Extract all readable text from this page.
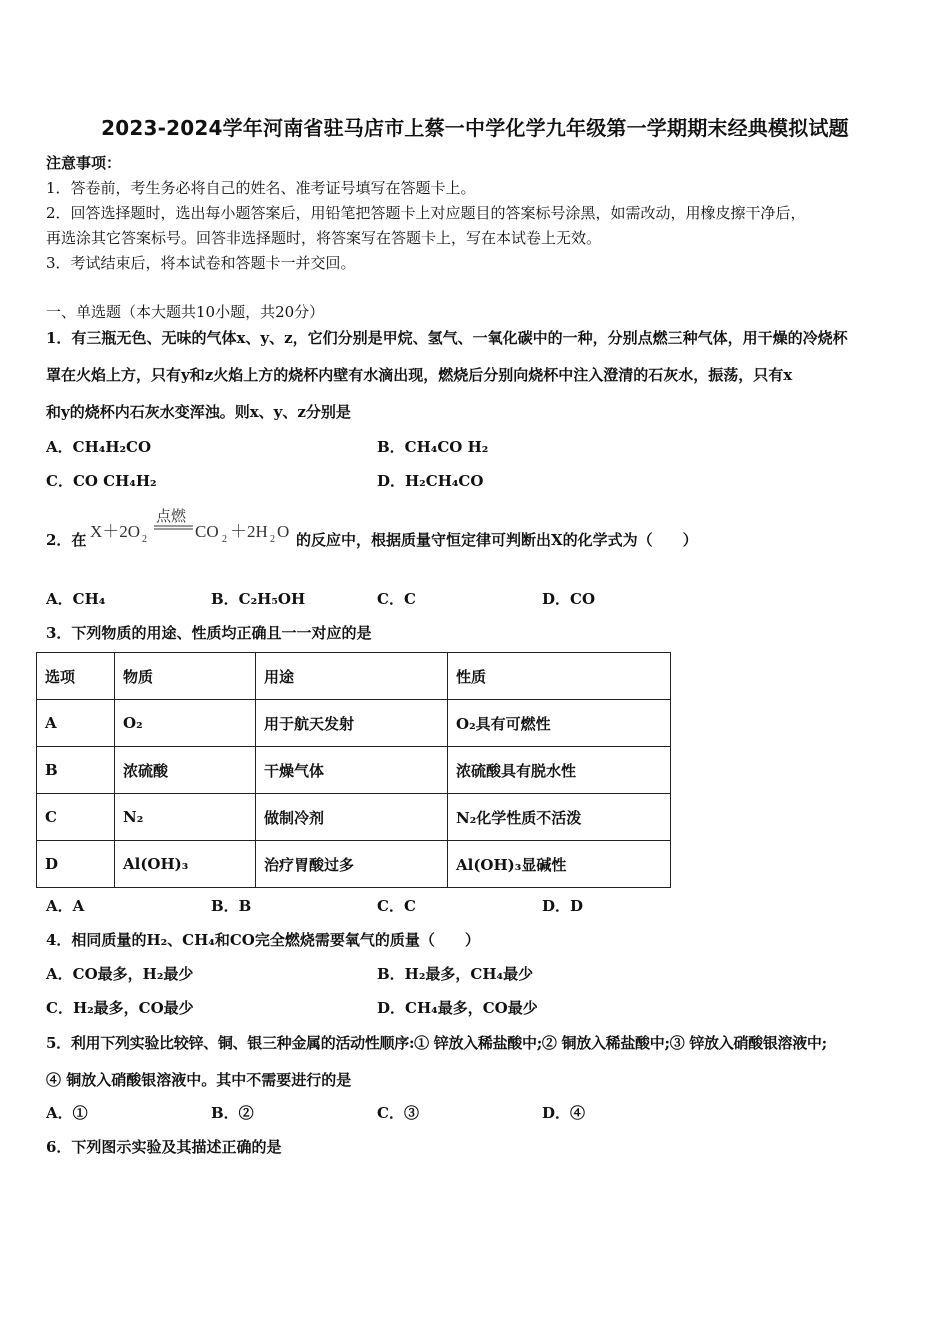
2023-2024学年河南省驻马店市上蔡一中学化学九年级第一学期期末经典模拟试题
注意事项：
1．答卷前，考生务必将自己的姓名、准考证号填写在答题卡上。
2．回答选择题时，选出每小题答案后，用铅笔把答题卡上对应题目的答案标号涂黑，如需改动，用橡皮擦干净后，
再选涂其它答案标号。回答非选择题时，将答案写在答题卡上，写在本试卷上无效。
3．考试结束后，将本试卷和答题卡一并交回。
一、单选题（本大题共10小题，共20分）
1．有三瓶无色、无味的气体x、y、z，它们分别是甲烷、氢气、一氧化碳中的一种，分别点燃三种气体，用干燥的冷烧杯
罩在火焰上方，只有y和z火焰上方的烧杯内壁有水滴出现，燃烧后分别向烧杯中注入澄清的石灰水，振荡，只有x
和y的烧杯内石灰水变浑浊。则x、y、z分别是
A．CH₄H₂CO	B．CH₄CO H₂
C．CO CH₄H₂	D．H₂CH₄CO
2．在 X＋2O 2
点燃
CO 2 ＋2H 2 O 的反应中，根据质量守恒定律可判断出X的化学式为（　　）
A．CH₄	B．C₂H₅OH	C．C	D．CO
3．下列物质的用途、性质均正确且一一对应的是
选项	物质	用途	性质
A	O₂	用于航天发射	O₂具有可燃性
B	浓硫酸	干燥气体	浓硫酸具有脱水性
C	N₂	做制冷剂	N₂化学性质不活泼
D	Al(OH)₃	治疗胃酸过多	Al(OH)₃显碱性
A．A	B．B	C．C	D．D
4．相同质量的H₂、CH₄和CO完全燃烧需要氧气的质量（　　）
A．CO最多，H₂最少	B．H₂最多，CH₄最少
C．H₂最多，CO最少	D．CH₄最多，CO最少
5．利用下列实验比较锌、铜、银三种金属的活动性顺序:① 锌放入稀盐酸中;② 铜放入稀盐酸中;③ 锌放入硝酸银溶液中;
④ 铜放入硝酸银溶液中。其中不需要进行的是
A．①	B．②	C．③	D．④
6．下列图示实验及其描述正确的是
